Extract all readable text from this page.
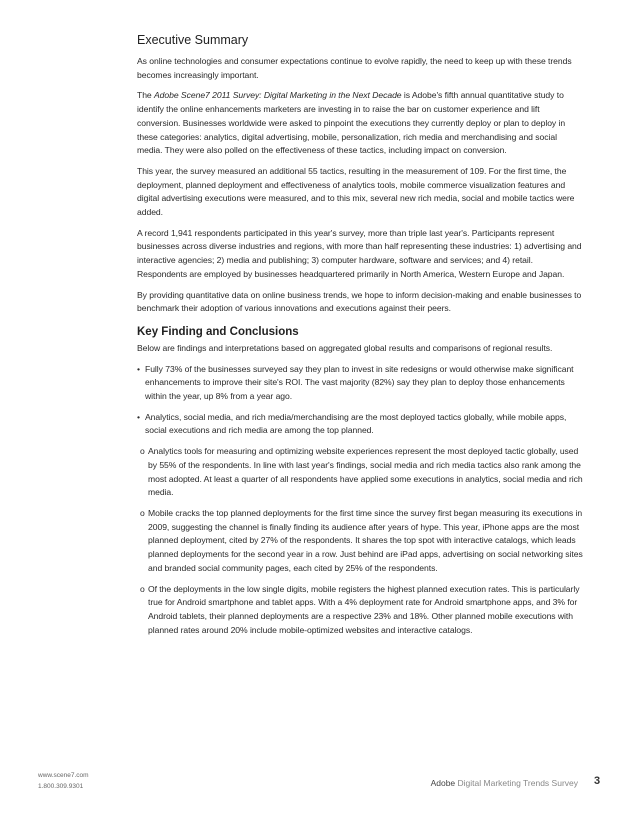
Executive Summary

As online technologies and consumer expectations continue to evolve rapidly, the need to keep up with these trends becomes increasingly important.

The Adobe Scene7 2011 Survey: Digital Marketing in the Next Decade is Adobe's fifth annual quantitative study to identify the online enhancements marketers are investing in to raise the bar on customer experience and lift conversion. Businesses worldwide were asked to pinpoint the executions they currently deploy or plan to deploy in these categories: analytics, digital advertising, mobile, personalization, rich media and merchandising and social media. They were also polled on the effectiveness of these tactics, including impact on conversion.

This year, the survey measured an additional 55 tactics, resulting in the measurement of 109. For the first time, the deployment, planned deployment and effectiveness of analytics tools, mobile commerce visualization features and digital advertising executions were measured, and to this mix, several new rich media, social and mobile tactics were added.

A record 1,941 respondents participated in this year's survey, more than triple last year's. Participants represent businesses across diverse industries and regions, with more than half representing these industries: 1) advertising and interactive agencies; 2) media and publishing; 3) computer hardware, software and services; and 4) retail. Respondents are employed by businesses headquartered primarily in North America, Western Europe and Japan.

By providing quantitative data on online business trends, we hope to inform decision-making and enable businesses to benchmark their adoption of various innovations and executions against their peers.

Key Finding and Conclusions

Below are findings and interpretations based on aggregated global results and comparisons of regional results.

• Fully 73% of the businesses surveyed say they plan to invest in site redesigns or would otherwise make significant enhancements to improve their site's ROI. The vast majority (82%) say they plan to deploy those enhancements within the year, up 8% from a year ago.

• Analytics, social media, and rich media/merchandising are the most deployed tactics globally, while mobile apps, social executions and rich media are among the top planned.

o Analytics tools for measuring and optimizing website experiences represent the most deployed tactic globally, used by 55% of the respondents. In line with last year's findings, social media and rich media tactics also rank among the most adopted. At least a quarter of all respondents have applied some executions in analytics, social media and rich media.

o Mobile cracks the top planned deployments for the first time since the survey first began measuring its executions in 2009, suggesting the channel is finally finding its audience after years of hype. This year, iPhone apps are the most planned deployment, cited by 27% of the respondents. It shares the top spot with interactive catalogs, which leads planned deployments for the second year in a row. Just behind are iPad apps, advertising on social networking sites and branded social community pages, each cited by 25% of the respondents.

o Of the deployments in the low single digits, mobile registers the highest planned execution rates. This is particularly true for Android smartphone and tablet apps. With a 4% deployment rate for Android smartphone apps, and 3% for Android tablets, their planned deployments are a respective 23% and 18%. Other planned mobile executions with planned rates around 20% include mobile-optimized websites and interactive catalogs.

www.scene7.com
1.800.309.9301	Adobe Digital Marketing Trends Survey 3
